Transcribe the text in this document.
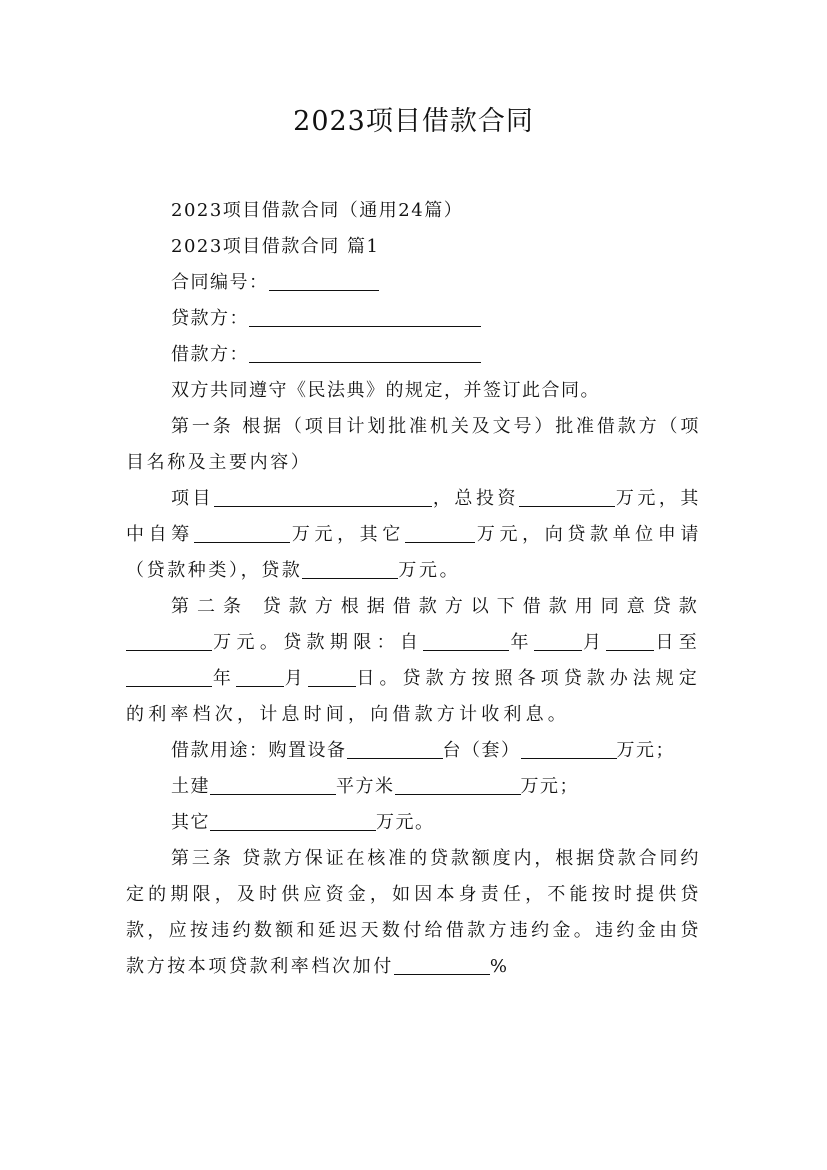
2023项目借款合同

2023项目借款合同（通用24篇）

2023项目借款合同 篇1

合同编号：

贷款方：

借款方：

双方共同遵守《民法典》的规定，并签订此合同。

第一条 根据（项目计划批准机关及文号）批准借款方（项目名称及主要内容）

项目	，总投资	万元，其中自筹	万元，其它	万元，向贷款单位申请（贷款种类），贷款	万元。

第二条 贷款方根据借款方以下借款用同意贷款万元。贷款期限：自	年	月	日至年	月	日。贷款方按照各项贷款办法规定的利率档次，计息时间，向借款方计收利息。

借款用途：购置设备	台（套）	万元；

土建	平方米	万元；

其它	万元。

第三条 贷款方保证在核准的贷款额度内，根据贷款合同约定的期限，及时供应资金，如因本身责任，不能按时提供贷款，应按违约数额和延迟天数付给借款方违约金。违约金由贷款方按本项贷款利率档次加付	%
